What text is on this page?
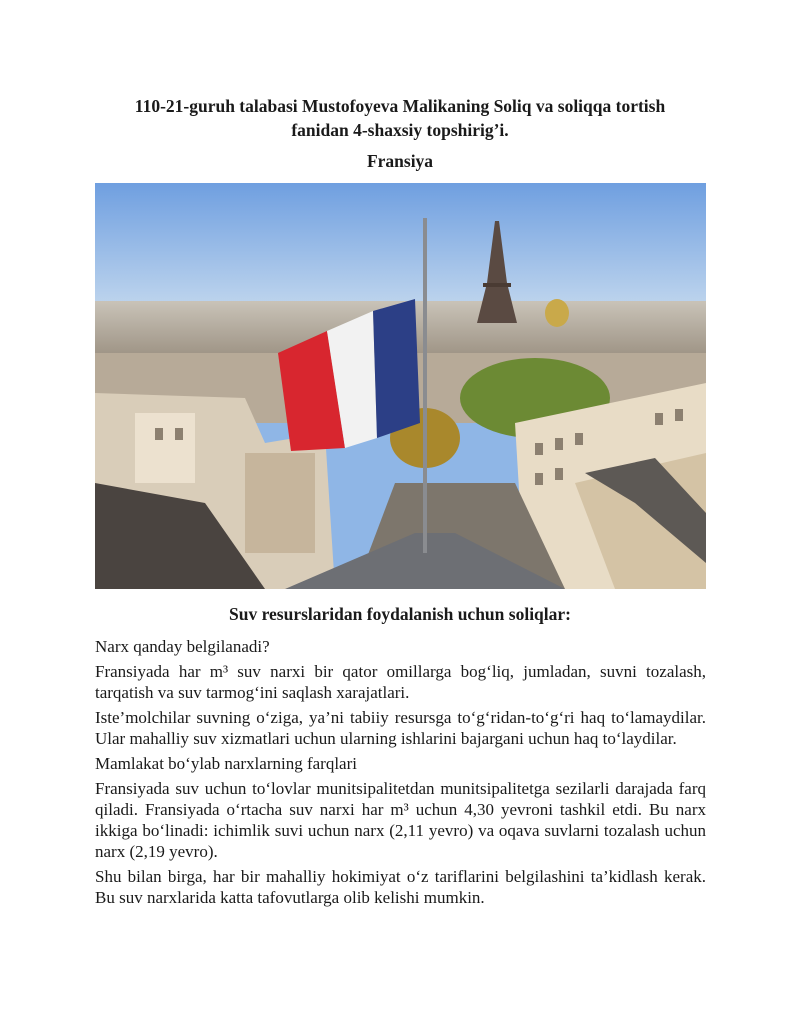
110-21-guruh talabasi Mustofoyeva Malikaning Soliq va soliqqa tortish
fanidan 4-shaxsiy topshirig’i.
Fransiya
Suv resurslaridan foydalanish uchun soliqlar:

Narx qanday belgilanadi?

Fransiyada har m³ suv narxi bir qator omillarga bog‘liq, jumladan, suvni tozalash, tarqatish va suv tarmog‘ini saqlash xarajatlari.

Iste’molchilar suvning o‘ziga, ya’ni tabiiy resursga to‘g‘ridan-to‘g‘ri haq to‘lamaydilar. Ular mahalliy suv xizmatlari uchun ularning ishlarini bajargani uchun haq to‘laydilar.

Mamlakat bo‘ylab narxlarning farqlari

Fransiyada suv uchun to‘lovlar munitsipalitetdan munitsipalitetga sezilarli darajada farq qiladi. Fransiyada o‘rtacha suv narxi har m³ uchun 4,30 yevroni tashkil etdi. Bu narx ikkiga bo‘linadi: ichimlik suvi uchun narx (2,11 yevro) va oqava suvlarni tozalash uchun narx (2,19 yevro).

Shu bilan birga, har bir mahalliy hokimiyat o‘z tariflarini belgilashini ta’kidlash kerak. Bu suv narxlarida katta tafovutlarga olib kelishi mumkin.
